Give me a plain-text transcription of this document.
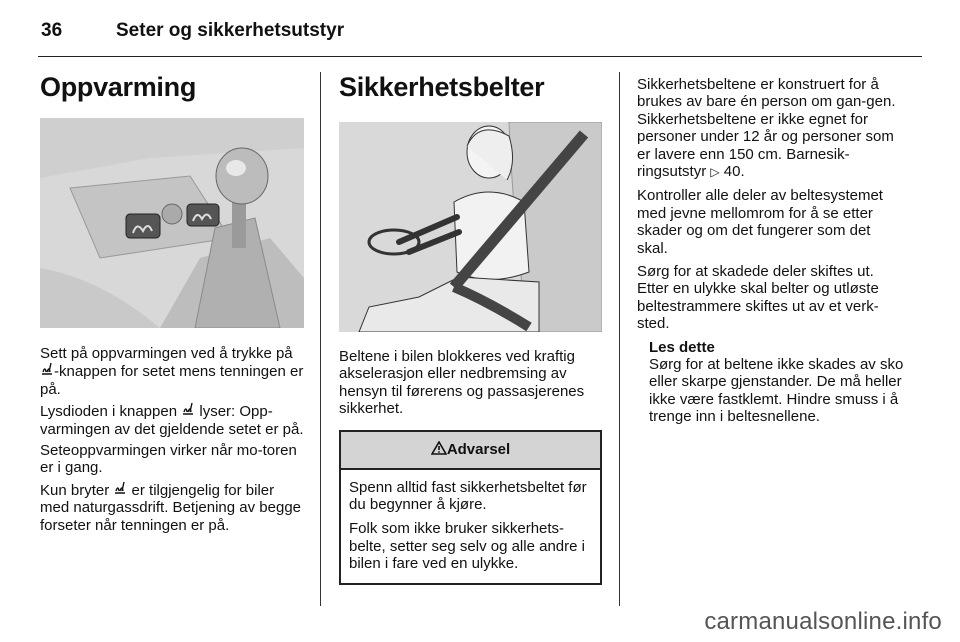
36	Seter og sikkerhetsutstyr
Oppvarming

Sett på oppvarmingen ved å trykke på -knappen for setet mens tenningen er på.

Lysdioden i knappen  lyser: Opp-varmingen av det gjeldende setet er på.

Seteoppvarmingen virker når mo-toren er i gang.

Kun bryter  er tilgjengelig for biler med naturgassdrift. Betjening av begge forseter når tenningen er på.

Sikkerhetsbelter

Beltene i bilen blokkeres ved kraftig akselerasjon eller nedbremsing av hensyn til førerens og passasjerenes sikkerhet.

Advarsel

Spenn alltid fast sikkerhetsbeltet før du begynner å kjøre.

Folk som ikke bruker sikkerhets-belte, setter seg selv og alle andre i bilen i fare ved en ulykke.

Sikkerhetsbeltene er konstruert for å brukes av bare én person om gan-gen. Sikkerhetsbeltene er ikke egnet for personer under 12 år og personer som er lavere enn 150 cm. Barnesik-ringsutstyr ▷ 40.

Kontroller alle deler av beltesystemet med jevne mellomrom for å se etter skader og om det fungerer som det skal.

Sørg for at skadede deler skiftes ut. Etter en ulykke skal belter og utløste beltestrammere skiftes ut av et verk-sted.

Les dette

Sørg for at beltene ikke skades av sko eller skarpe gjenstander. De må heller ikke være fastklemt. Hindre smuss i å trenge inn i beltesnellene.

carmanualsonline.info
